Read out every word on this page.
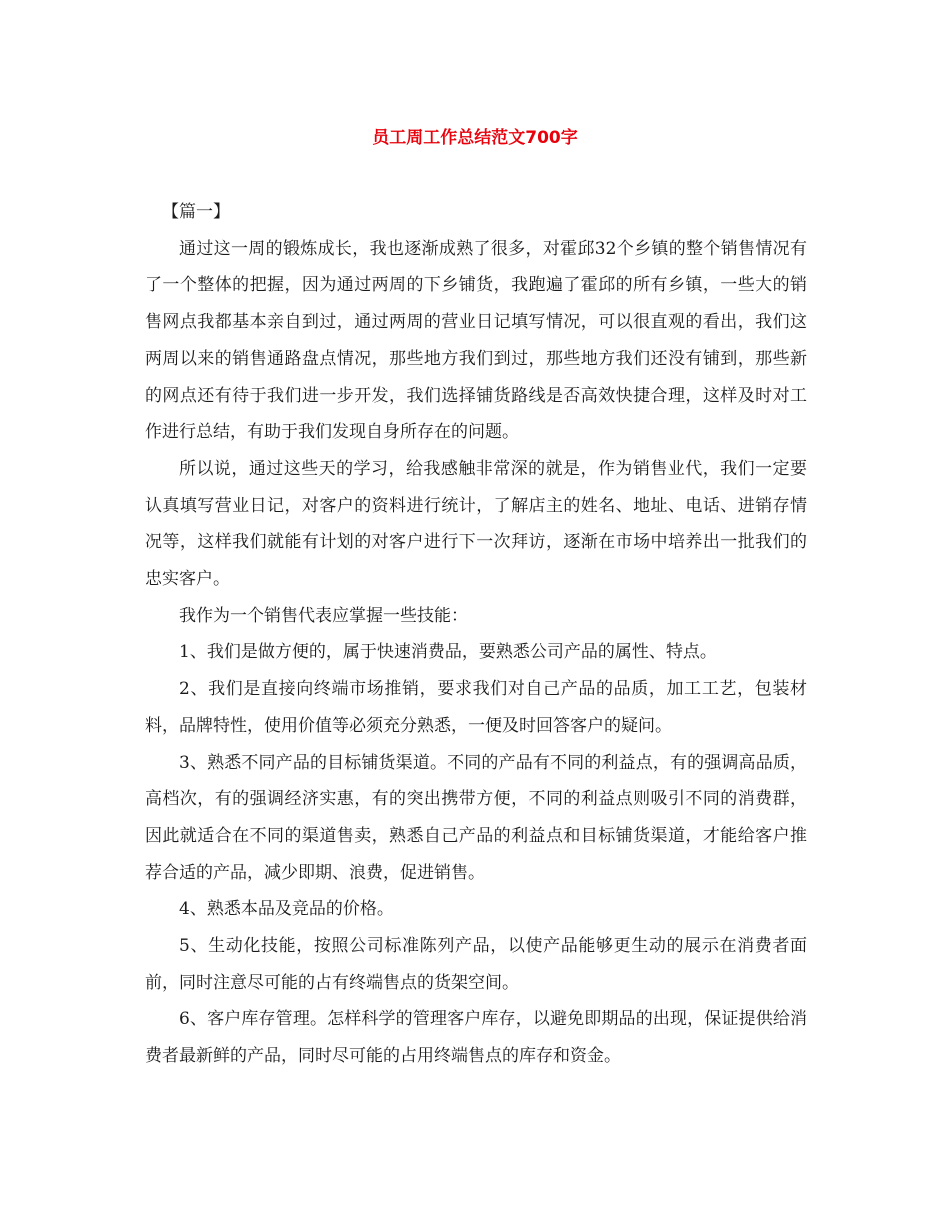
员工周工作总结范文700字

【篇一】

通过这一周的锻炼成长，我也逐渐成熟了很多，对霍邱32个乡镇的整个销售情况有了一个整体的把握，因为通过两周的下乡铺货，我跑遍了霍邱的所有乡镇，一些大的销售网点我都基本亲自到过，通过两周的营业日记填写情况，可以很直观的看出，我们这两周以来的销售通路盘点情况，那些地方我们到过，那些地方我们还没有铺到，那些新的网点还有待于我们进一步开发，我们选择铺货路线是否高效快捷合理，这样及时对工作进行总结，有助于我们发现自身所存在的问题。

所以说，通过这些天的学习，给我感触非常深的就是，作为销售业代，我们一定要认真填写营业日记，对客户的资料进行统计，了解店主的姓名、地址、电话、进销存情况等，这样我们就能有计划的对客户进行下一次拜访，逐渐在市场中培养出一批我们的忠实客户。

我作为一个销售代表应掌握一些技能：

1、我们是做方便的，属于快速消费品，要熟悉公司产品的属性、特点。

2、我们是直接向终端市场推销，要求我们对自己产品的品质，加工工艺，包装材料，品牌特性，使用价值等必须充分熟悉，一便及时回答客户的疑问。

3、熟悉不同产品的目标铺货渠道。不同的产品有不同的利益点，有的强调高品质，高档次，有的强调经济实惠，有的突出携带方便，不同的利益点则吸引不同的消费群，因此就适合在不同的渠道售卖，熟悉自己产品的利益点和目标铺货渠道，才能给客户推荐合适的产品，减少即期、浪费，促进销售。

4、熟悉本品及竞品的价格。

5、生动化技能，按照公司标准陈列产品，以使产品能够更生动的展示在消费者面前，同时注意尽可能的占有终端售点的货架空间。

6、客户库存管理。怎样科学的管理客户库存，以避免即期品的出现，保证提供给消费者最新鲜的产品，同时尽可能的占用终端售点的库存和资金。
